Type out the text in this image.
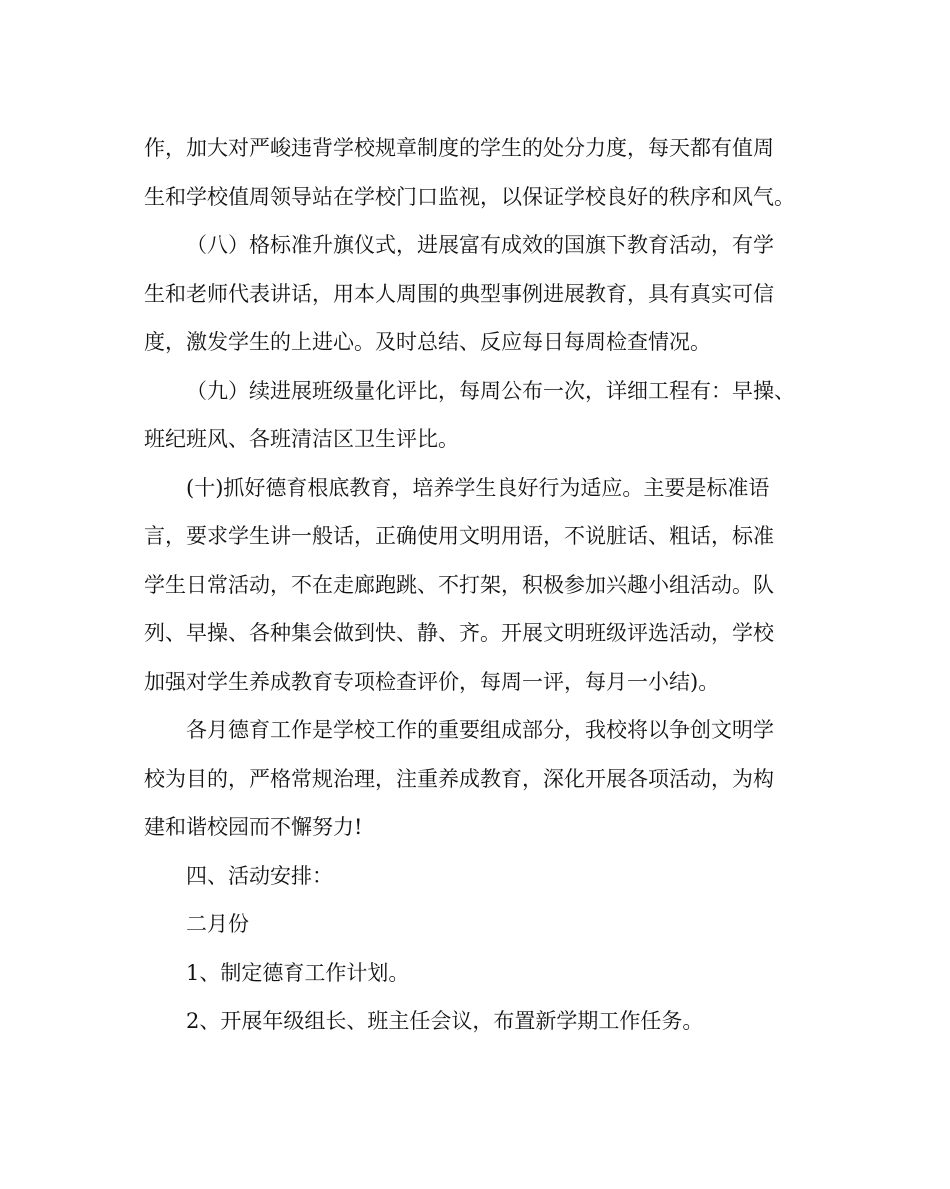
作，加大对严峻违背学校规章制度的学生的处分力度，每天都有值周
生和学校值周领导站在学校门口监视，以保证学校良好的秩序和风气。
（八）格标准升旗仪式，进展富有成效的国旗下教育活动，有学
生和老师代表讲话，用本人周围的典型事例进展教育，具有真实可信
度，激发学生的上进心。及时总结、反应每日每周检查情况。
（九）续进展班级量化评比，每周公布一次，详细工程有：早操、
班纪班风、各班清洁区卫生评比。
(十)抓好德育根底教育，培养学生良好行为适应。主要是标准语
言，要求学生讲一般话，正确使用文明用语，不说脏话、粗话，标准
学生日常活动，不在走廊跑跳、不打架，积极参加兴趣小组活动。队
列、早操、各种集会做到快、静、齐。开展文明班级评选活动，学校
加强对学生养成教育专项检查评价，每周一评，每月一小结)。
各月德育工作是学校工作的重要组成部分，我校将以争创文明学
校为目的，严格常规治理，注重养成教育，深化开展各项活动，为构
建和谐校园而不懈努力!
四、活动安排：
二月份
1、制定德育工作计划。
2、开展年级组长、班主任会议，布置新学期工作任务。
